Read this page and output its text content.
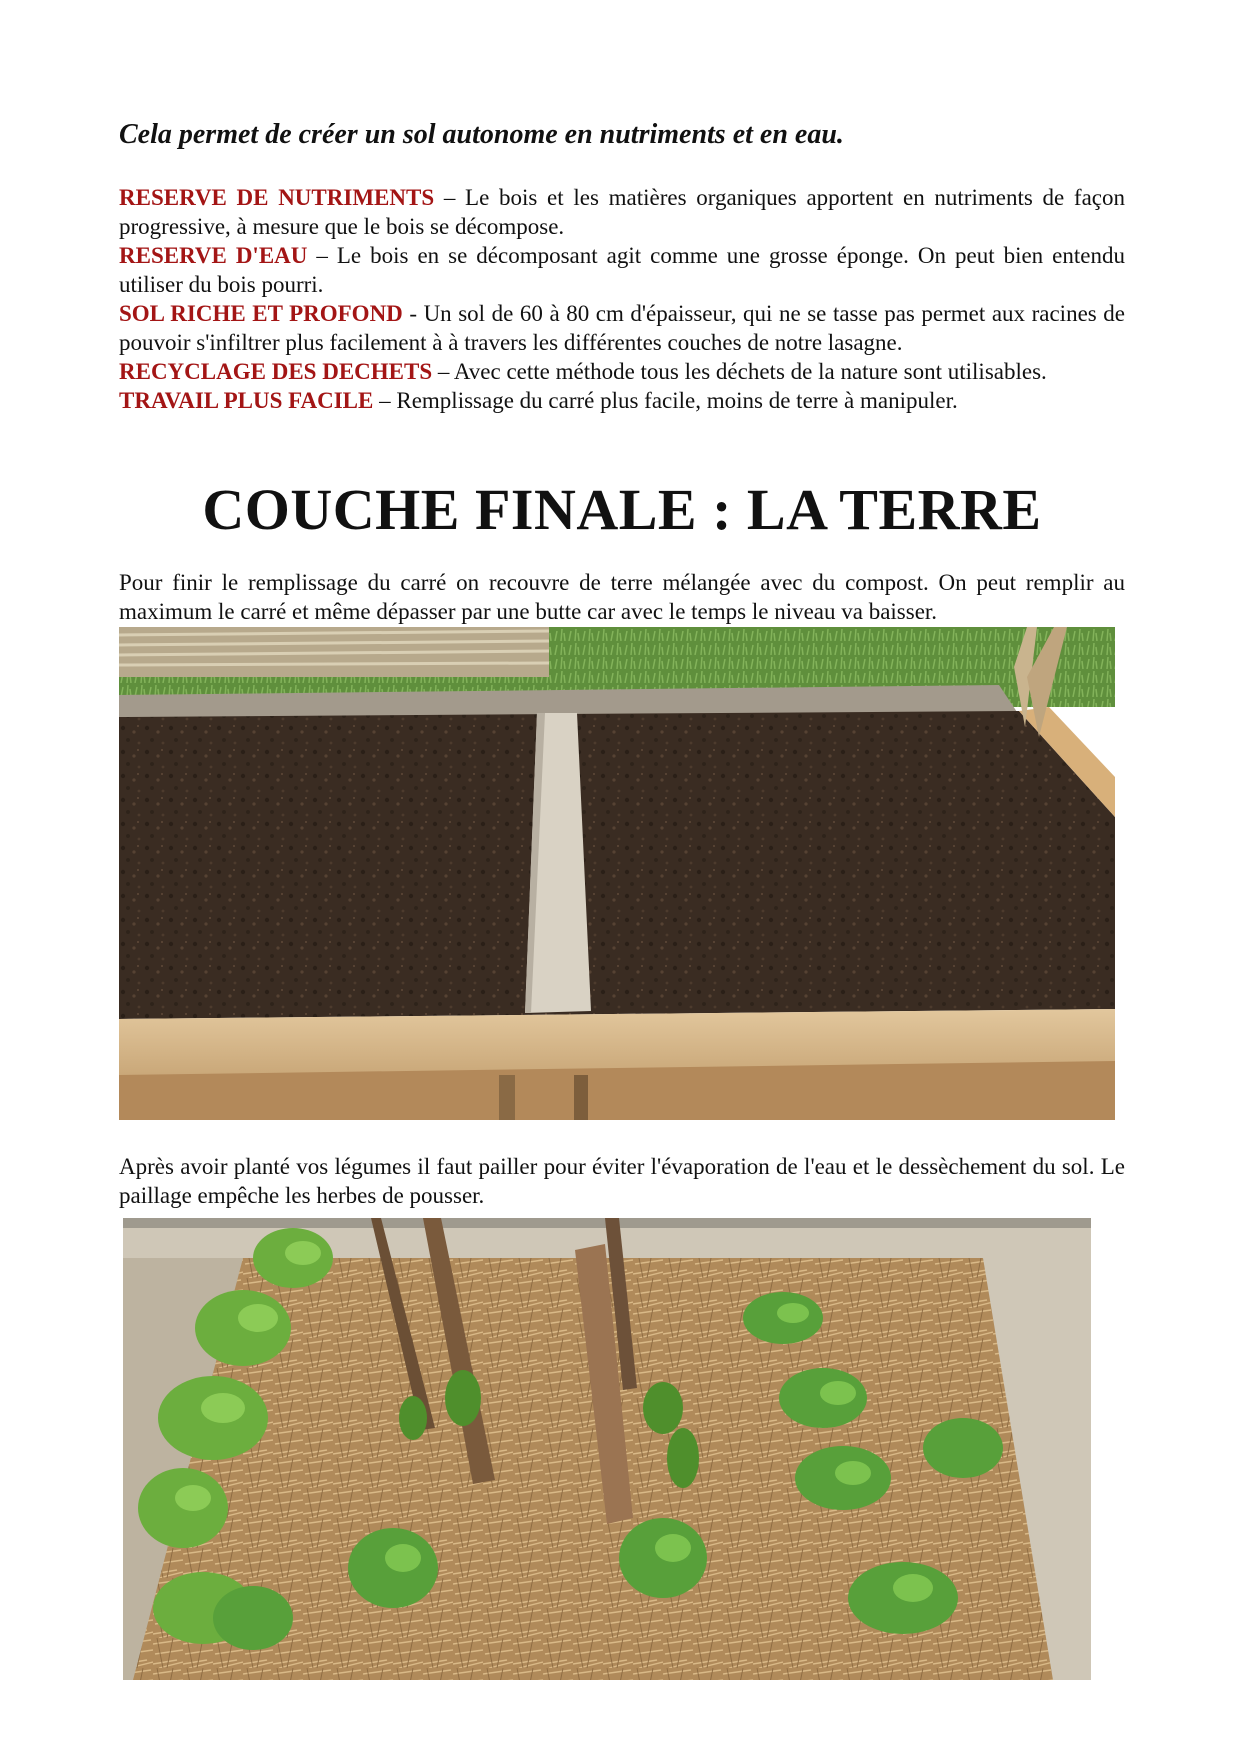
Cela permet de créer un sol autonome en nutriments et en eau.

RESERVE DE NUTRIMENTS – Le bois et les matières organiques apportent en nutriments de façon progressive, à mesure que le bois se décompose.

RESERVE D'EAU – Le bois en se décomposant agit comme une grosse éponge. On peut bien entendu utiliser du bois pourri.

SOL RICHE ET PROFOND - Un sol de 60 à 80 cm d'épaisseur, qui ne se tasse pas permet aux racines de pouvoir s'infiltrer plus facilement à à travers les différentes couches de notre lasagne.

RECYCLAGE DES DECHETS – Avec cette méthode tous les déchets de la nature sont utilisables.

TRAVAIL PLUS FACILE – Remplissage du carré plus facile, moins de terre à manipuler.

COUCHE FINALE : LA TERRE

Pour finir le remplissage du carré on recouvre de terre mélangée avec du compost. On peut remplir au maximum le carré et même dépasser par une butte car avec le temps le niveau va baisser.

Après avoir planté vos légumes il faut pailler pour éviter l'évaporation de l'eau et le dessèchement du sol. Le paillage empêche les herbes de pousser.
